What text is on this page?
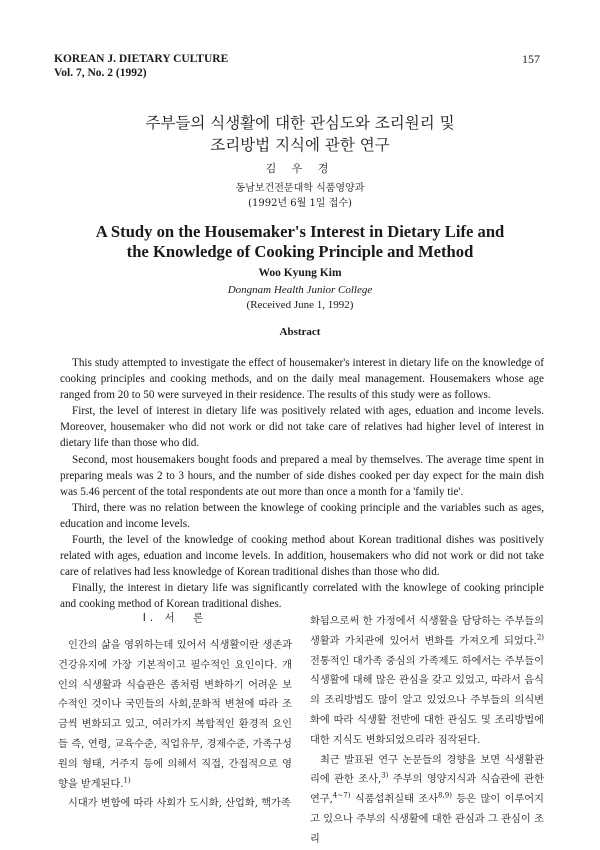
KOREAN J. DIETARY CULTURE
Vol. 7, No. 2 (1992)
157
주부들의 식생활에 대한 관심도와 조리원리 및
조리방법 지식에 관한 연구
김 우 경
동남보건전문대학 식품영양과
(1992년 6월 1일 접수)
A Study on the Housemaker's Interest in Dietary Life and
the Knowledge of Cooking Principle and Method
Woo Kyung Kim
Dongnam Health Junior College
(Received June 1, 1992)
Abstract

This study attempted to investigate the effect of housemaker's interest in dietary life on the knowledge of cooking principles and cooking methods, and on the daily meal management. Housemakers whose age ranged from 20 to 50 were surveyed in their residence. The results of this study were as follows.

First, the level of interest in dietary life was positively related with ages, eduation and income levels. Moreover, housemaker who did not work or did not take care of relatives had higher level of interest in dietary life than those who did.

Second, most housemakers bought foods and prepared a meal by themselves. The average time spent in preparing meals was 2 to 3 hours, and the number of side dishes cooked per day expect for the main dish was 5.46 percent of the total respondents ate out more than once a month for a 'family tie'.

Third, there was no relation between the knowlege of cooking principle and the variables such as ages, education and income levels.

Fourth, the level of the knowledge of cooking method about Korean traditional dishes was positively related with ages, eduation and income levels. In addition, housemakers who did not work or did not take care of relatives had less knowledge of Korean traditional dishes than those who did.

Finally, the interest in dietary life was significantly correlated with the knowlege of cooking principle and cooking method of Korean traditional dishes.

I. 서　론

인간의 삶을 영위하는데 있어서 식생활이란 생존과 건강유지에 가장 기본적이고 필수적인 요인이다. 개인의 식생활과 식습관은 좀처럼 변화하기 어려운 보수적인 것이나 국민들의 사회,문화적 변천에 따라 조금씩 변화되고 있고, 여러가지 복합적인 환경적 요인들 즉, 연령, 교육수준, 직업유무, 경제수준, 가족구성원의 형태, 거주지 등에 의해서 직접, 간접적으로 영향을 받게된다.$^{1)}$

시대가 변함에 따라 사회가 도시화, 산업화, 핵가족

화됨으로써 한 가정에서 식생활을 담당하는 주부들의 생활과 가치관에 있어서 변화를 가져오게 되었다.$^{2)}$ 전통적인 대가족 중심의 가족제도 하에서는 주부들이 식생활에 대해 많은 관심을 갖고 있었고, 따라서 음식의 조리방법도 많이 알고 있었으나 주부들의 의식변화에 따라 식생활 전반에 대한 관심도 및 조리방법에 대한 지식도 변화되었으리라 짐작된다.

최근 발표된 연구 논문들의 경향을 보면 식생활관리에 관한 조사,$^{3)}$ 주부의 영양지식과 식습관에 관한 연구,$^{4\sim 7)}$ 식품섭취실태 조사$^{8,9)}$ 등은 많이 이루어지고 있으나 주부의 식생활에 대한 관심과 그 관심이 조리
